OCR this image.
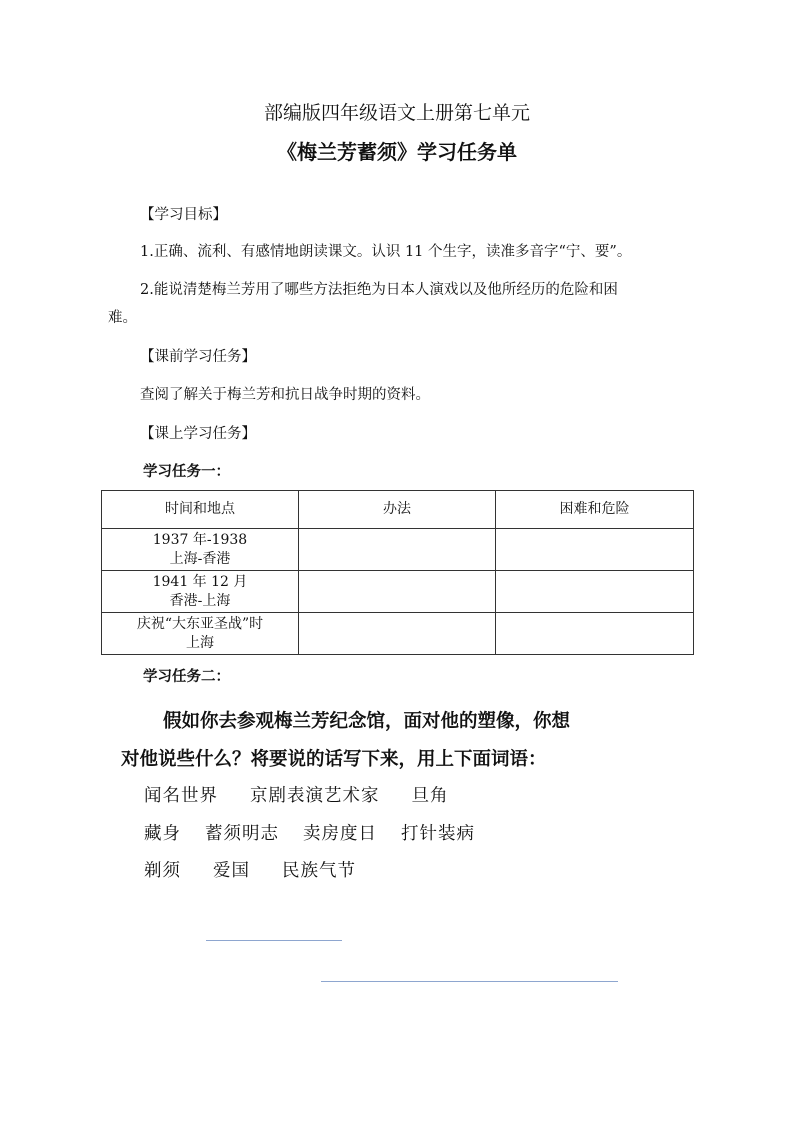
部编版四年级语文上册第七单元
《梅兰芳蓄须》学习任务单
【学习目标】
1.正确、流利、有感情地朗读课文。认识 11 个生字，读准多音字“宁、要”。
2.能说清楚梅兰芳用了哪些方法拒绝为日本人演戏以及他所经历的危险和困
难。
【课前学习任务】
查阅了解关于梅兰芳和抗日战争时期的资料。
【课上学习任务】
学习任务一：
时间和地点	办法	困难和危险

1937 年-1938
上海-香港		

1941 年 12 月
香港-上海		

庆祝“大东亚圣战”时
上海		

学习任务二：
假如你去参观梅兰芳纪念馆，面对他的塑像，你想
对他说些什么？将要说的话写下来，用上下面词语：
闻名世界 京剧表演艺术家 旦角
藏身 蓄须明志 卖房度日 打针装病
剃须 爱国 民族气节
